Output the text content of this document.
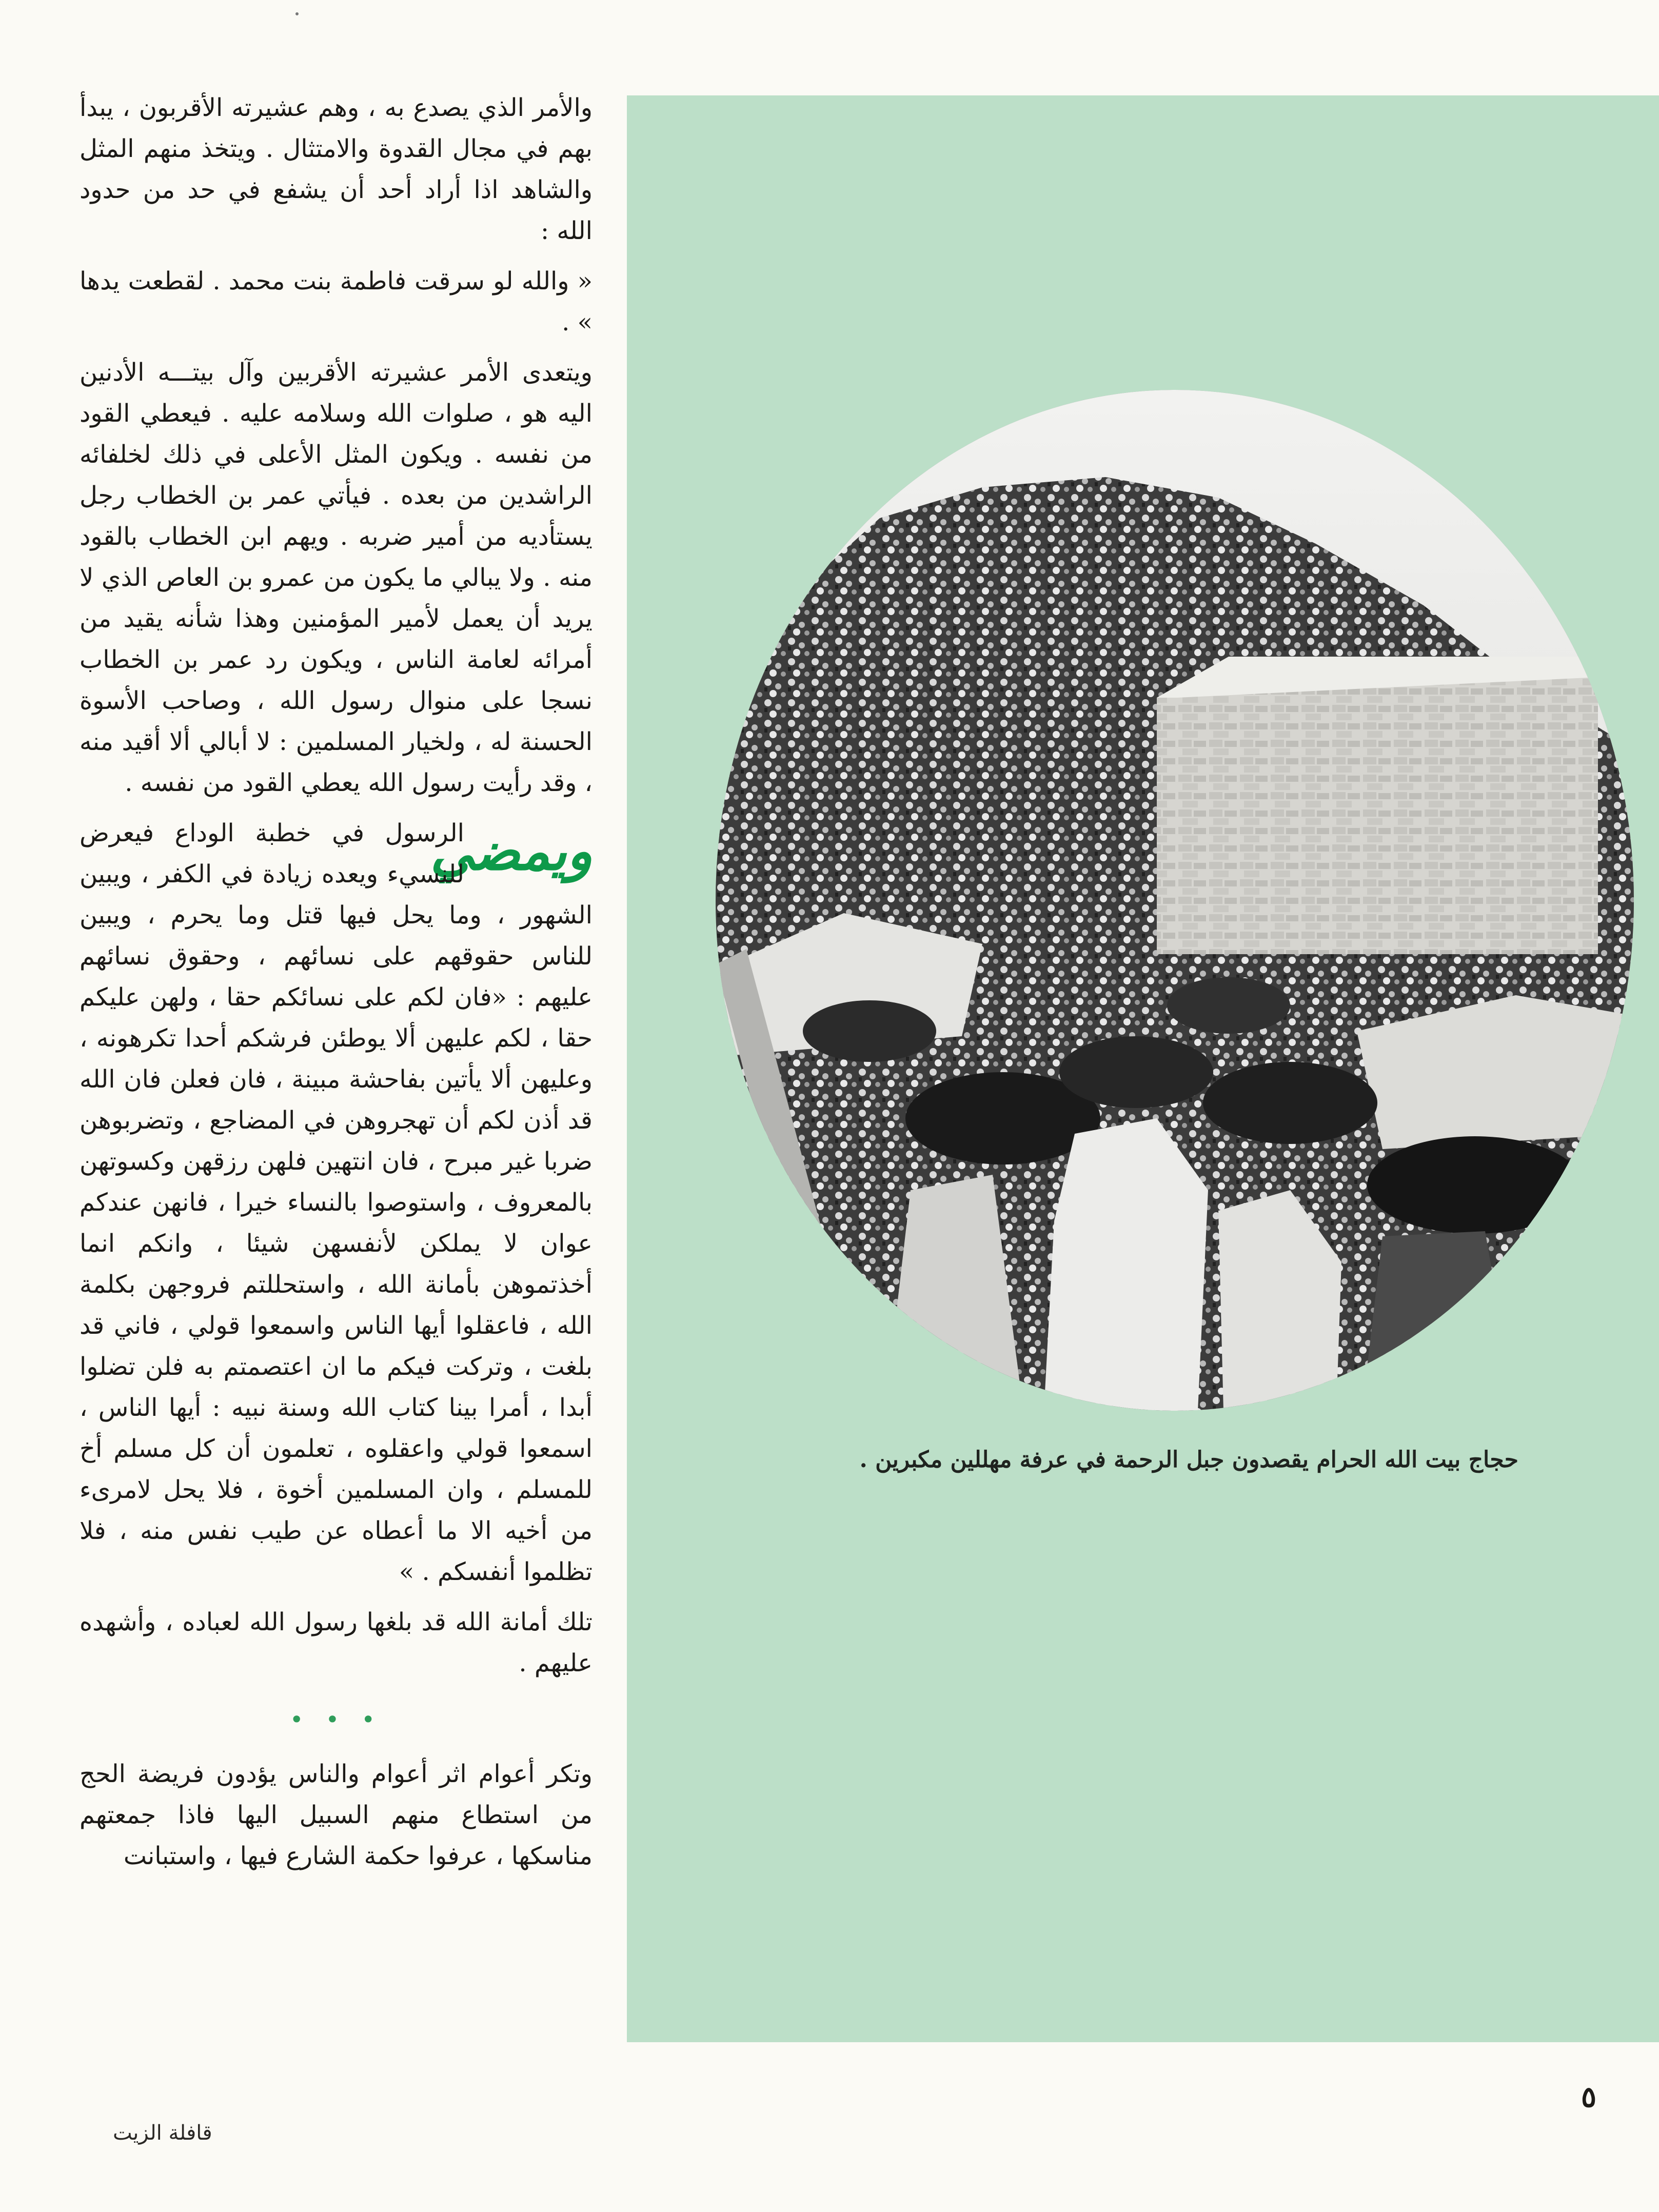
حجاج بيت الله الحرام يقصدون جبل الرحمة في عرفة مهللين مكبرين .

والأمر الذي يصدع به ، وهم عشيرته الأقربون ، يبدأ بهم في مجال القدوة والامتثال . ويتخذ منهم المثل والشاهد اذا أراد أحد أن يشفع في حد من حدود الله :

« والله لو سرقت فاطمة بنت محمد . لقطعت يدها » .

ويتعدى الأمر عشيرته الأقربين وآل بيتـــه الأدنين اليه هو ، صلوات الله وسلامه عليه . فيعطي القود من نفسه . ويكون المثل الأعلى في ذلك لخلفائه الراشدين من بعده . فيأتي عمر بن الخطاب رجل يستأديه من أمير ضربه . ويهم ابن الخطاب بالقود منه . ولا يبالي ما يكون من عمرو بن العاص الذي لا يريد أن يعمل لأمير المؤمنين وهذا شأنه يقيد من أمرائه لعامة الناس ، ويكون رد عمر بن الخطاب نسجا على منوال رسول الله ، وصاحب الأسوة الحسنة له ، ولخيار المسلمين : لا أبالي ألا أقيد منه ، وقد رأيت رسول الله يعطي القود من نفسه .

ويمضي

الرسول في خطبة الوداع فيعرض للنسيء ويعده زيادة في الكفر ، ويبين الشهور ، وما يحل فيها قتل وما يحرم ، ويبين للناس حقوقهم على نسائهم ، وحقوق نسائهم عليهم : «فان لكم على نسائكم حقا ، ولهن عليكم حقا ، لكم عليهن ألا يوطئن فرشكم أحدا تكرهونه ، وعليهن ألا يأتين بفاحشة مبينة ، فان فعلن فان الله قد أذن لكم أن تهجروهن في المضاجع ، وتضربوهن ضربا غير مبرح ، فان انتهين فلهن رزقهن وكسوتهن بالمعروف ، واستوصوا بالنساء خيرا ، فانهن عندكم عوان لا يملكن لأنفسهن شيئا ، وانكم انما أخذتموهن بأمانة الله ، واستحللتم فروجهن بكلمة الله ، فاعقلوا أيها الناس واسمعوا قولي ، فاني قد بلغت ، وتركت فيكم ما ان اعتصمتم به فلن تضلوا أبدا ، أمرا بينا كتاب الله وسنة نبيه : أيها الناس ، اسمعوا قولي واعقلوه ، تعلمون أن كل مسلم أخ للمسلم ، وان المسلمين أخوة ، فلا يحل لامرىء من أخيه الا ما أعطاه عن طيب نفس منه ، فلا تظلموا أنفسكم . »

تلك أمانة الله قد بلغها رسول الله لعباده ، وأشهده عليهم .

• • •

وتكر أعوام اثر أعوام والناس يؤدون فريضة الحج من استطاع منهم السبيل اليها فاذا جمعتهم مناسكها ، عرفوا حكمة الشارع فيها ، واستبانت

٥
قافلة الزيت
